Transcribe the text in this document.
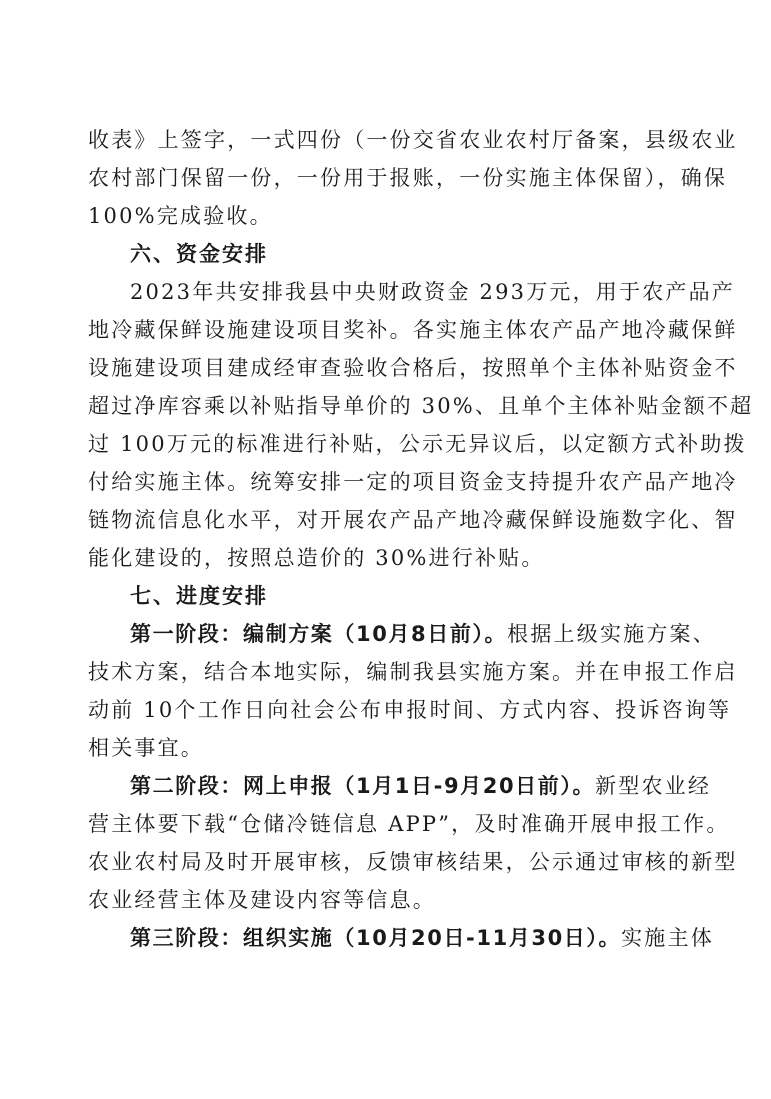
收表》上签字，一式四份（一份交省农业农村厅备案，县级农业
农村部门保留一份，一份用于报账，一份实施主体保留），确保
100%完成验收。
六、资金安排
2023年共安排我县中央财政资金 293万元，用于农产品产
地冷藏保鲜设施建设项目奖补。各实施主体农产品产地冷藏保鲜
设施建设项目建成经审查验收合格后，按照单个主体补贴资金不
超过净库容乘以补贴指导单价的 30%、且单个主体补贴金额不超
过 100万元的标准进行补贴，公示无异议后，以定额方式补助拨
付给实施主体。统筹安排一定的项目资金支持提升农产品产地冷
链物流信息化水平，对开展农产品产地冷藏保鲜设施数字化、智
能化建设的，按照总造价的 30%进行补贴。
七、进度安排
第一阶段：编制方案（10月8日前）。根据上级实施方案、
技术方案，结合本地实际，编制我县实施方案。并在申报工作启
动前 10个工作日向社会公布申报时间、方式内容、投诉咨询等
相关事宜。
第二阶段：网上申报（1月1日-9月20日前）。新型农业经
营主体要下载“仓储冷链信息 APP”，及时准确开展申报工作。
农业农村局及时开展审核，反馈审核结果，公示通过审核的新型
农业经营主体及建设内容等信息。
第三阶段：组织实施（10月20日-11月30日）。实施主体
